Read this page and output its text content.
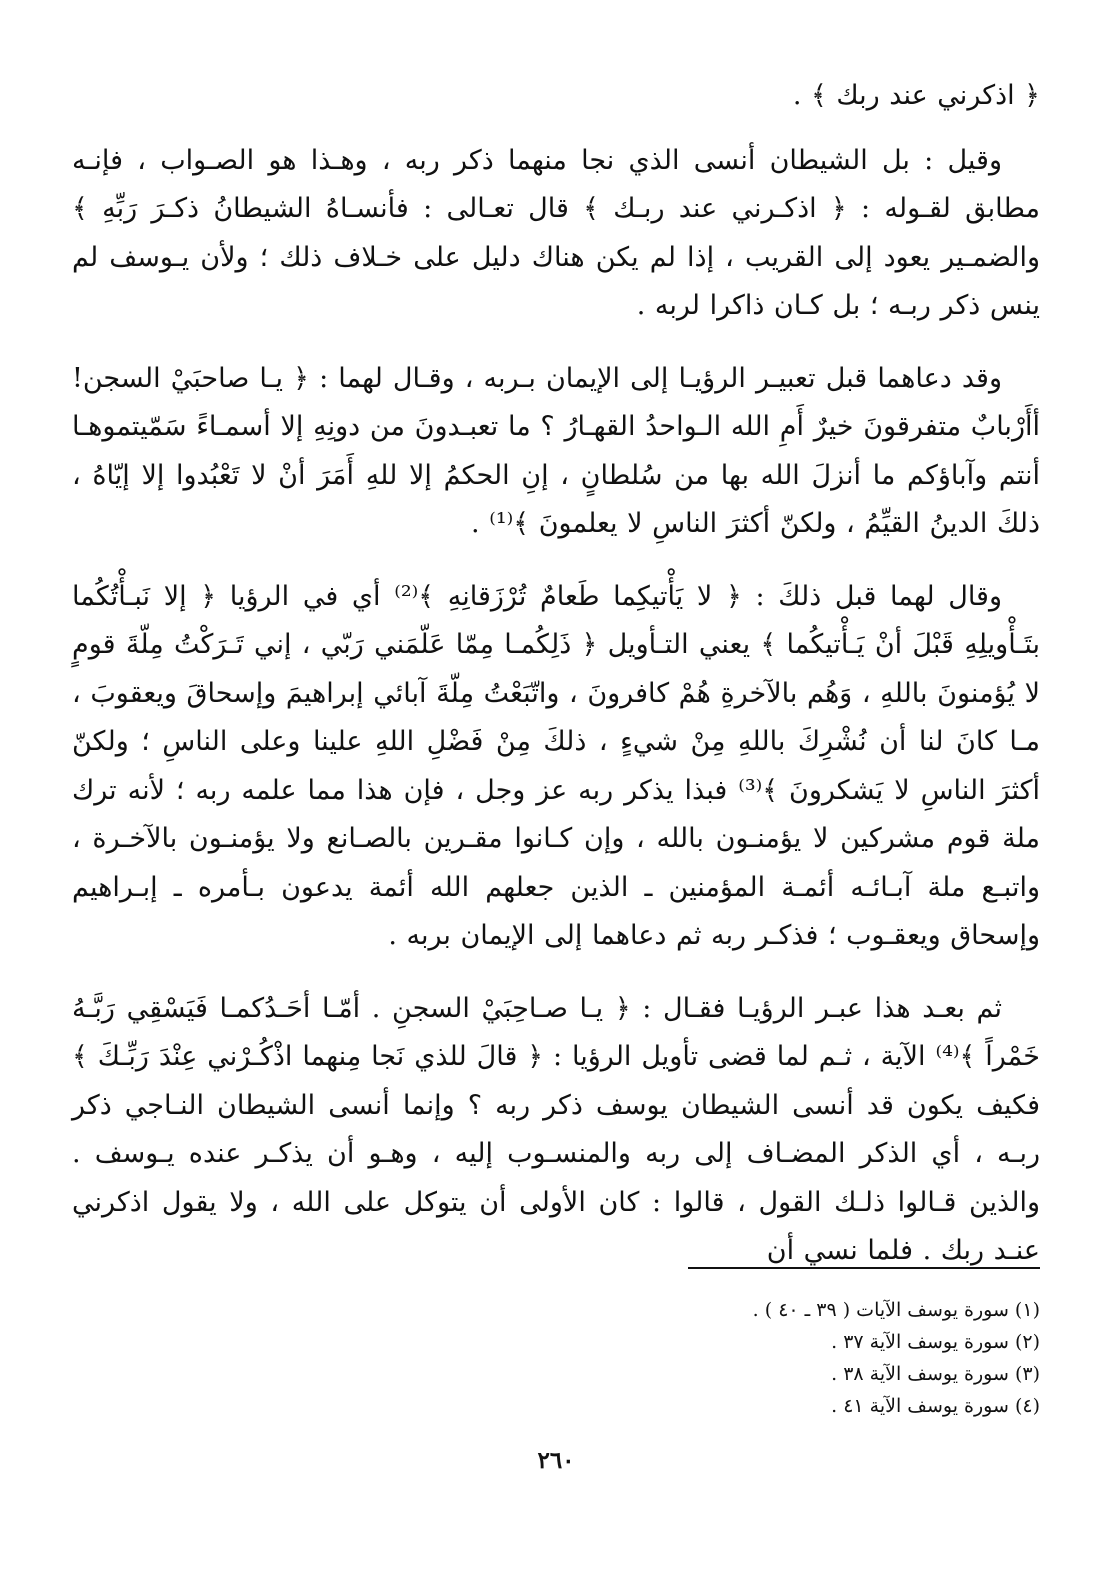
﴿ اذكرني عند ربك ﴾ .

وقيل : بل الشيطان أنسى الذي نجا منهما ذكر ربه ، وهـذا هو الصـواب ، فإنـه مطابق لقـوله : ﴿ اذكـرني عند ربـك ﴾ قال تعـالى : فأنسـاهُ الشيطانُ ذكـرَ رَبِّهِ ﴾ والضمـير يعود إلى القريب ، إذا لم يكن هناك دليل على خـلاف ذلك ؛ ولأن يـوسف لم ينس ذكر ربـه ؛ بل كـان ذاكرا لربه .

وقد دعاهما قبل تعبيـر الرؤيـا إلى الإيمان بـربه ، وقـال لهما : ﴿ يـا صاحبَيْ السجن! أأَرْبابٌ متفرقونَ خيرٌ أَمِ الله الـواحدُ القهـارُ ؟ ما تعبـدونَ من دونِهِ إلا أسمـاءً سَمّيتموهـا أنتم وآباؤكم ما أنزلَ الله بها من سُلطانٍ ، إنِ الحكمُ إلا للهِ أَمَرَ أنْ لا تَعْبُدوا إلا إيّاهُ ، ذلكَ الدينُ القيِّمُ ، ولكنّ أكثرَ الناسِ لا يعلمونَ ﴾⁽¹⁾ .

وقال لهما قبل ذلكَ : ﴿ لا يَأْتيكِما طَعامٌ تُرْزَقانِهِ ﴾⁽²⁾ أي في الرؤيا ﴿ إلا نَبـأْتُكُما بتَـأْويلِهِ قَبْلَ أنْ يَـأْتيكُما ﴾ يعني التـأويل ﴿ ذَلِكُمـا مِمّا عَلّمَني رَبّي ، إني تَـرَكْتُ مِلّةَ قومٍ لا يُؤمنونَ باللهِ ، وَهُم بالآخرةِ هُمْ كافرونَ ، واتّبَعْتُ مِلّةَ آبائي إبراهيمَ وإسحاقَ ويعقوبَ ، مـا كانَ لنا أن نُشْرِكَ باللهِ مِنْ شيءٍ ، ذلكَ مِنْ فَضْلِ اللهِ علينا وعلى الناسِ ؛ ولكنّ أكثرَ الناسِ لا يَشكرونَ ﴾⁽³⁾ فبذا يذكر ربه عز وجل ، فإن هذا مما علمه ربه ؛ لأنه ترك ملة قوم مشركين لا يؤمنـون بالله ، وإن كـانوا مقـرين بالصـانع ولا يؤمنـون بالآخـرة ، واتبـع ملة آبـائـه أئمـة المؤمنين ـ الذين جعلهم الله أئمة يدعون بـأمره ـ إبـراهيم وإسحاق ويعقـوب ؛ فذكـر ربه ثم دعاهما إلى الإيمان بربه .

ثم بعـد هذا عبـر الرؤيـا فقـال : ﴿ يـا صـاحِبَيْ السجنِ . أمّـا أحَـدُكمـا فَيَسْقِي رَبَّـهُ خَمْراً ﴾⁽⁴⁾ الآية ، ثـم لما قضى تأويل الرؤيا : ﴿ قالَ للذي نَجا مِنهما اذْكُـرْني عِنْدَ رَبِّـكَ ﴾ فكيف يكون قد أنسى الشيطان يوسف ذكر ربه ؟ وإنما أنسى الشيطان النـاجي ذكر ربـه ، أي الذكر المضـاف إلى ربه والمنسـوب إليه ، وهـو أن يذكـر عنده يـوسف . والذين قـالوا ذلـك القول ، قالوا : كان الأولى أن يتوكل على الله ، ولا يقول اذكرني عنـد ربك . فلما نسي أن

(١) سورة يوسف الآيات ( ٣٩ ـ ٤٠ ) .
(٢) سورة يوسف الآية ٣٧ .
(٣) سورة يوسف الآية ٣٨ .
(٤) سورة يوسف الآية ٤١ .
٢٦٠
